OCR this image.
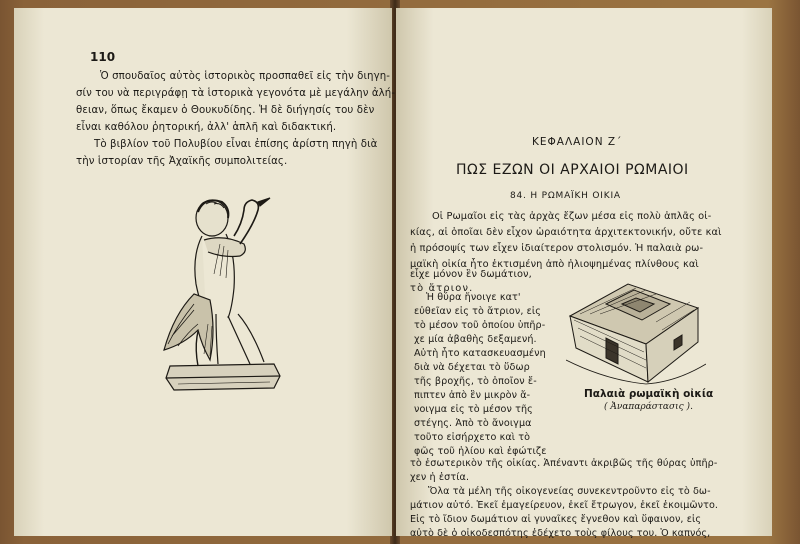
110
Ὁ σπουδαῖος αὐτὸς ἱστορικὸς προσπαθεῖ εἰς τὴν διηγη-
σίν του νὰ περιγράφῃ τὰ ἱστορικὰ γεγονότα μὲ μεγάλην ἀλή-
θειαν, ὅπως ἔκαμεν ὁ Θουκυδίδης. Ἡ δὲ διήγησίς του δὲν
εἶναι καθόλου ῥητορική, ἀλλ' ἁπλῆ καὶ διδακτική.
Τὸ βιβλίον τοῦ Πολυβίου εἶναι ἐπίσης ἀρίστη πηγὴ διὰ
τὴν ἱστορίαν τῆς Ἀχαϊκῆς συμπολιτείας.
ΚΕΦΑΛΑΙΟΝ Ζ΄
ΠΩΣ ΕΖΩΝ ΟΙ ΑΡΧΑΙΟΙ ΡΩΜΑΙΟΙ
84. Η ΡΩΜΑΪΚΗ ΟΙΚΙΑ
Οἱ Ρωμαῖοι εἰς τὰς ἀρχὰς ἔζων μέσα εἰς πολὺ ἁπλᾶς οἰ-
κίας, αἱ ὁποῖαι δὲν εἶχον ὡραιότητα ἀρχιτεκτονικήν, οὔτε καὶ
ἡ πρόσοψίς των εἶχεν ἰδιαίτερον στολισμόν. Ἡ παλαιὰ ρω-
μαϊκὴ οἰκία ἦτο ἐκτισμένη ἀπὸ ἡλιοψημένας πλίνθους καὶ
εἶχε μόνον ἓν δωμάτιον,
τὸ ἄτριον.
Ἡ θύρα ἤνοιγε κατ'
εὐθεῖαν εἰς τὸ ἄτριον, εἰς
τὸ μέσον τοῦ ὁποίου ὑπῆρ-
χε μία ἀβαθὴς δεξαμενή.
Αὐτὴ ἦτο κατασκευασμένη
διὰ νὰ δέχεται τὸ ὕδωρ
τῆς βροχῆς, τὸ ὁποῖον ἔ-
πιπτεν ἀπὸ ἓν μικρὸν ἄ-
νοιγμα εἰς τὸ μέσον τῆς
στέγης. Ἀπὸ τὸ ἄνοιγμα
τοῦτο εἰσήρχετο καὶ τὸ
φῶς τοῦ ἡλίου καὶ ἐφώτιζε
Παλαιὰ ρωμαϊκὴ οἰκία
( Ἀναπαράστασις ).
τὸ ἐσωτερικὸν τῆς οἰκίας. Ἀπέναντι ἀκριβῶς τῆς θύρας ὑπῆρ-
χεν ἡ ἑστία.
Ὅλα τὰ μέλη τῆς οἰκογενείας συνεκεντροῦντο εἰς τὸ δω-
μάτιον αὐτό. Ἐκεῖ ἐμαγείρευον, ἐκεῖ ἔτρωγον, ἐκεῖ ἐκοιμῶντο.
Εἰς τὸ ἴδιον δωμάτιον αἱ γυναῖκες ἔγνεθον καὶ ὕφαινον, εἰς
αὐτὸ δὲ ὁ οἰκοδεσπότης ἐδέχετο τοὺς φίλους του. Ὁ καπνός,
